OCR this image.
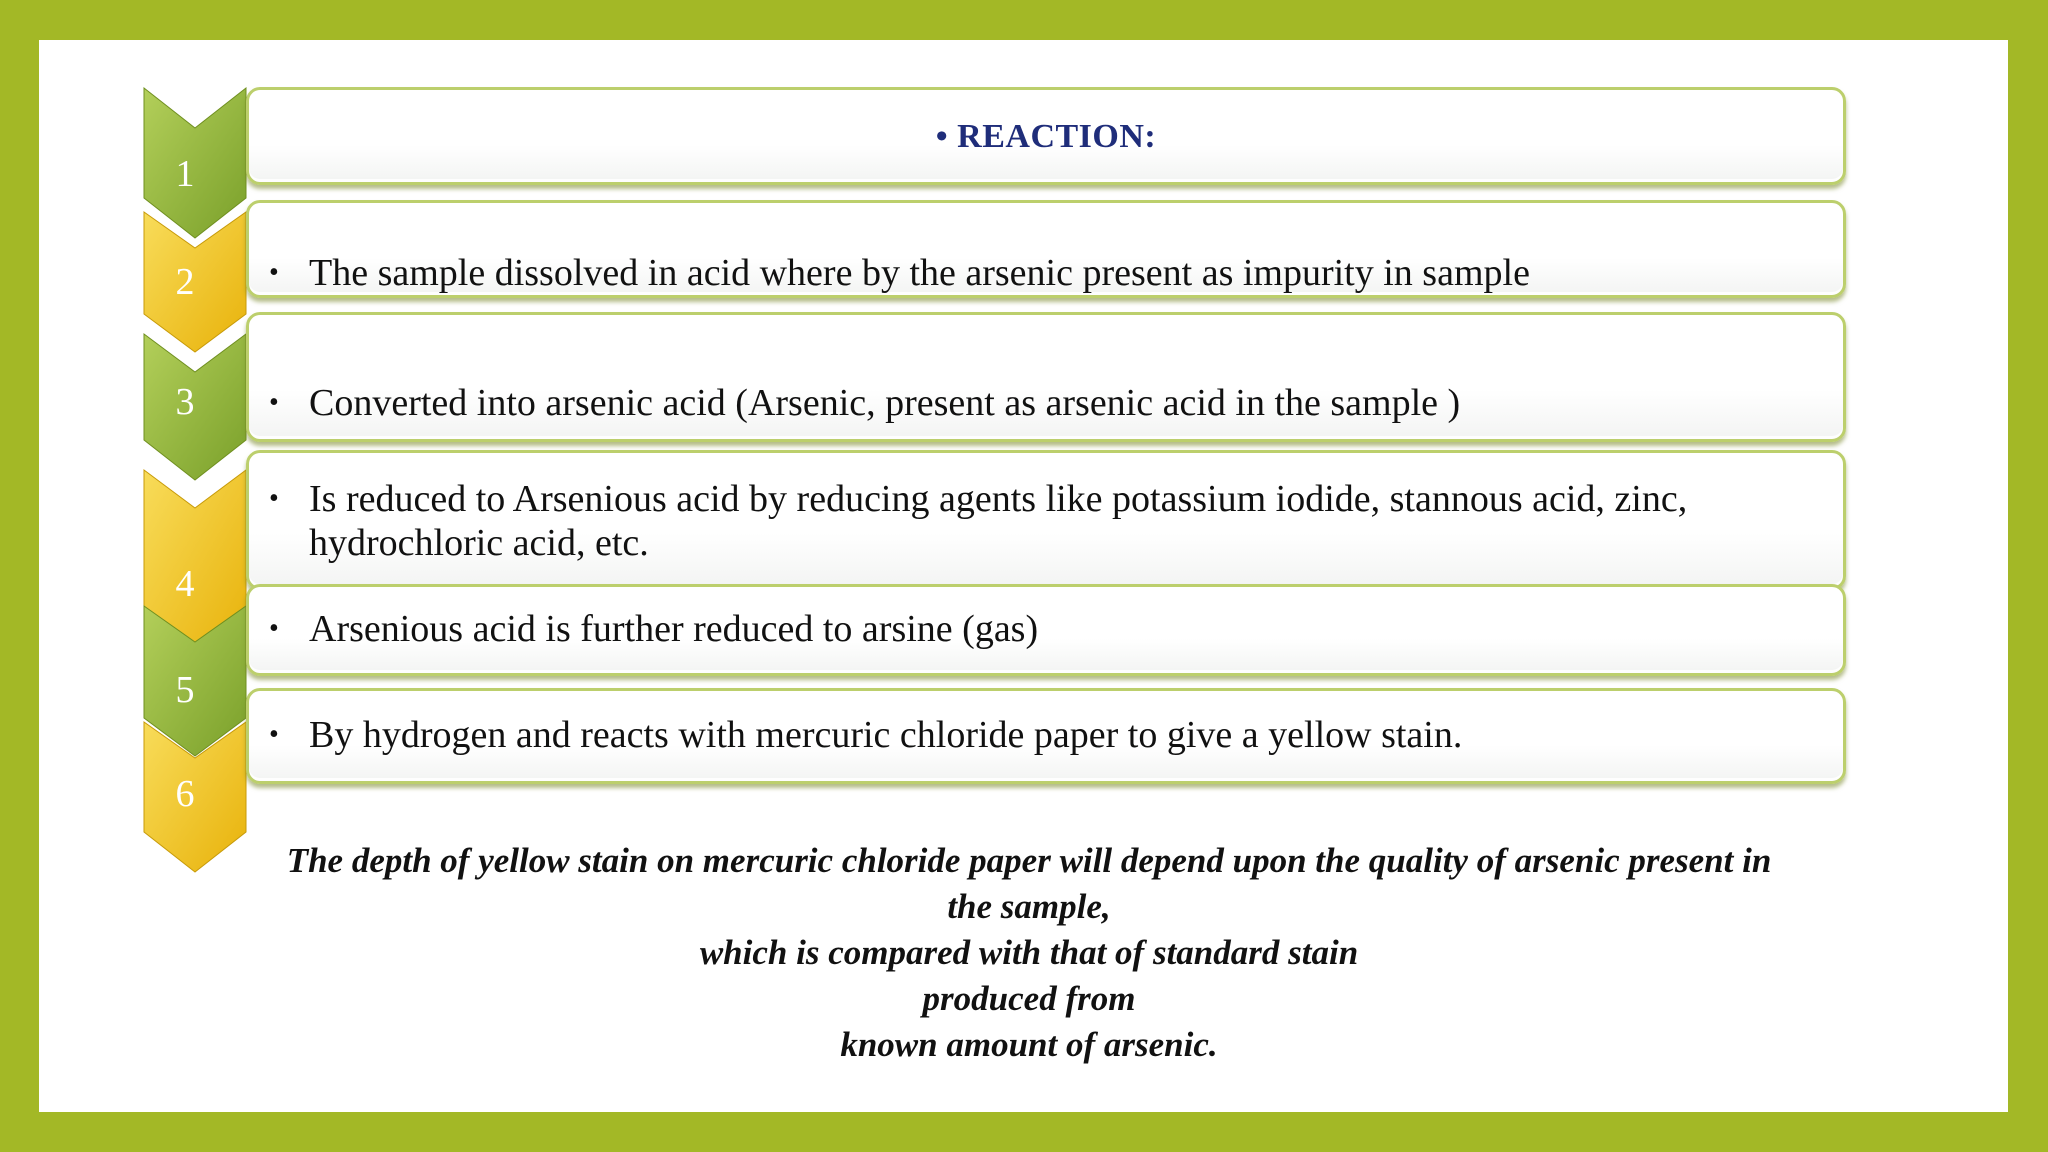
1
• REACTION:
2	• The sample dissolved in acid where by the arsenic present as impurity in sample
3	• Converted into arsenic acid (Arsenic, present as arsenic acid in the sample )
4
• Is reduced to Arsenious acid by reducing agents like potassium iodide, stannous acid, zinc, hydrochloric acid, etc.
5
• Arsenious acid is further reduced to arsine (gas)
6
• By hydrogen and reacts with mercuric chloride paper to give a yellow stain.
The depth of yellow stain on mercuric chloride paper will depend upon the quality of arsenic present in
the sample,
which is compared with that of standard stain
produced from
known amount of arsenic.
